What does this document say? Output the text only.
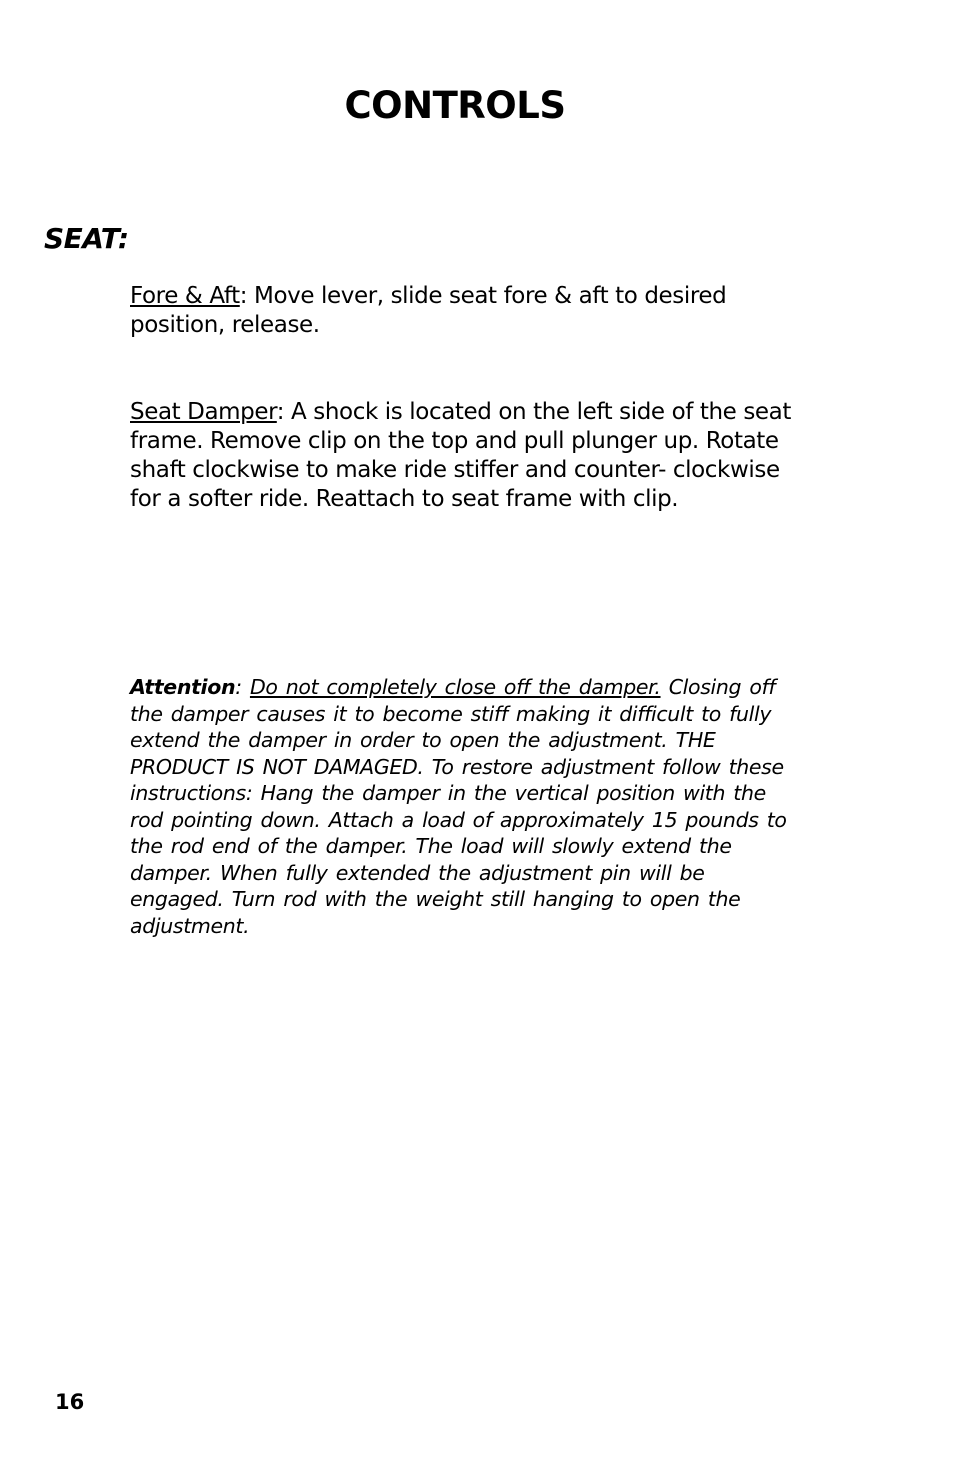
CONTROLS
SEAT:

Fore & Aft: Move lever, slide seat fore & aft to desired position, release.

Seat Damper: A shock is located on the left side of the seat frame. Remove clip on the top and pull plunger up. Rotate shaft clockwise to make ride stiffer and counter- clockwise for a softer ride. Reattach to seat frame with clip.

Attention: Do not completely close off the damper. Closing off the damper causes it to become stiff making it difficult to fully extend the damper in order to open the adjustment. THE PRODUCT IS NOT DAMAGED. To restore adjustment follow these instructions: Hang the damper in the vertical position with the rod pointing down. Attach a load of approximately 15 pounds to the rod end of the damper. The load will slowly extend the damper. When fully extended the adjustment pin will be engaged. Turn rod with the weight still hanging to open the adjustment.

16
